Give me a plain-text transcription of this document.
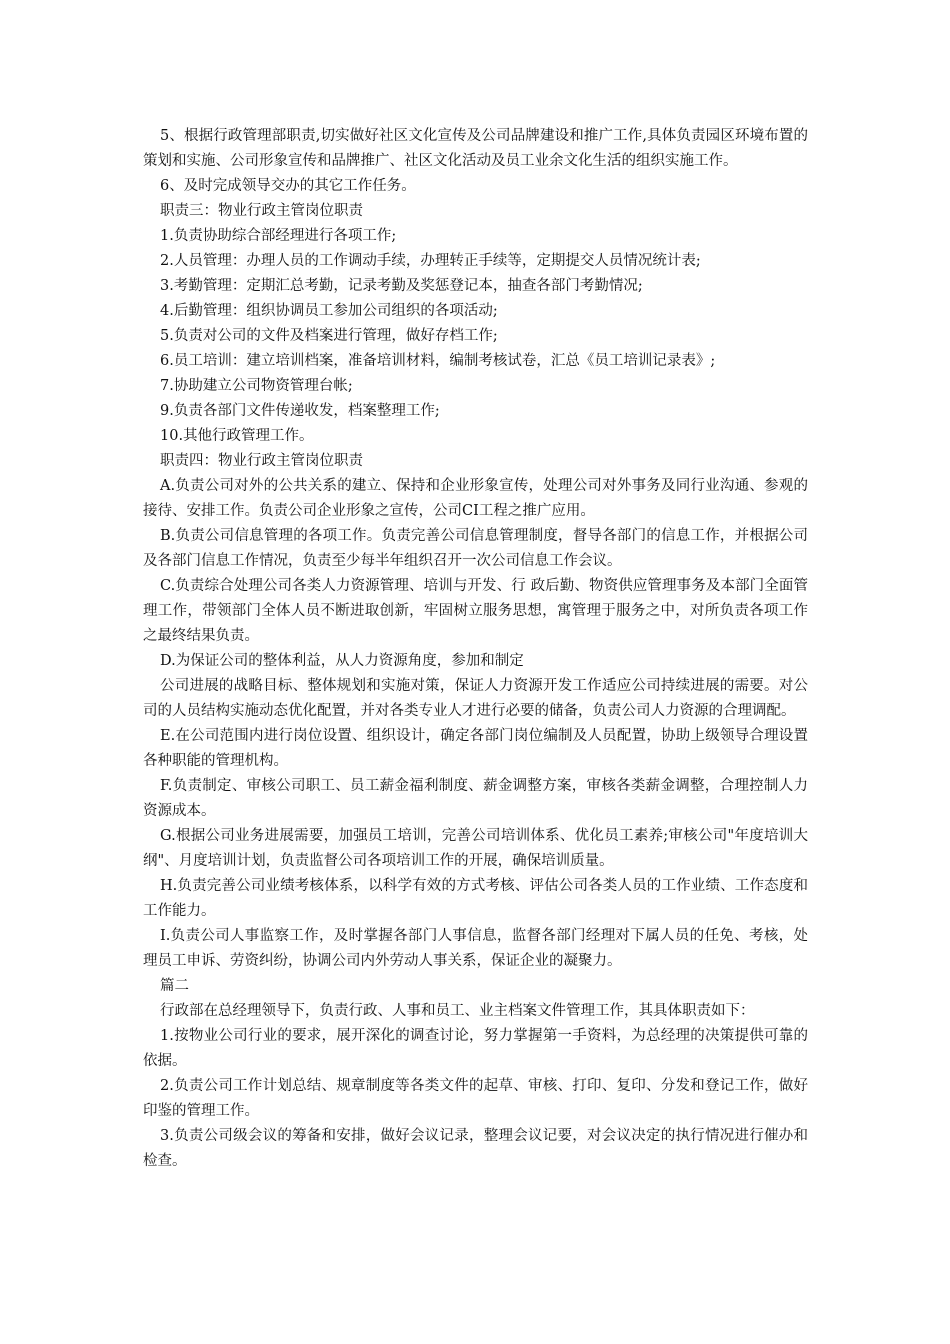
5、根据行政管理部职责,切实做好社区文化宣传及公司品牌建设和推广工作,具体负责园区环境布置的策划和实施、公司形象宣传和品牌推广、社区文化活动及员工业余文化生活的组织实施工作。

6、及时完成领导交办的其它工作任务。

职责三：物业行政主管岗位职责

1.负责协助综合部经理进行各项工作;

2.人员管理：办理人员的工作调动手续，办理转正手续等，定期提交人员情况统计表;

3.考勤管理：定期汇总考勤，记录考勤及奖惩登记本，抽查各部门考勤情况;

4.后勤管理：组织协调员工参加公司组织的各项活动;

5.负责对公司的文件及档案进行管理，做好存档工作;

6.员工培训：建立培训档案，准备培训材料，编制考核试卷，汇总《员工培训记录表》;

7.协助建立公司物资管理台帐;

9.负责各部门文件传递收发，档案整理工作;

10.其他行政管理工作。

职责四：物业行政主管岗位职责

A.负责公司对外的公共关系的建立、保持和企业形象宣传，处理公司对外事务及同行业沟通、参观的接待、安排工作。负责公司企业形象之宣传，公司CI工程之推广应用。

B.负责公司信息管理的各项工作。负责完善公司信息管理制度，督导各部门的信息工作，并根据公司及各部门信息工作情况，负责至少每半年组织召开一次公司信息工作会议。

C.负责综合处理公司各类人力资源管理、培训与开发、行 政后勤、物资供应管理事务及本部门全面管理工作，带领部门全体人员不断进取创新，牢固树立服务思想，寓管理于服务之中，对所负责各项工作之最终结果负责。

D.为保证公司的整体利益，从人力资源角度，参加和制定

公司进展的战略目标、整体规划和实施对策，保证人力资源开发工作适应公司持续进展的需要。对公司的人员结构实施动态优化配置，并对各类专业人才进行必要的储备，负责公司人力资源的合理调配。

E.在公司范围内进行岗位设置、组织设计，确定各部门岗位编制及人员配置，协助上级领导合理设置各种职能的管理机构。

F.负责制定、审核公司职工、员工薪金福利制度、薪金调整方案，审核各类薪金调整，合理控制人力资源成本。

G.根据公司业务进展需要，加强员工培训，完善公司培训体系、优化员工素养;审核公司"年度培训大纲"、月度培训计划，负责监督公司各项培训工作的开展，确保培训质量。

H.负责完善公司业绩考核体系，以科学有效的方式考核、评估公司各类人员的工作业绩、工作态度和工作能力。

I.负责公司人事监察工作，及时掌握各部门人事信息，监督各部门经理对下属人员的任免、考核，处理员工申诉、劳资纠纷，协调公司内外劳动人事关系，保证企业的凝聚力。

篇二

行政部在总经理领导下，负责行政、人事和员工、业主档案文件管理工作，其具体职责如下：

1.按物业公司行业的要求，展开深化的调查讨论，努力掌握第一手资料，为总经理的决策提供可靠的依据。

2.负责公司工作计划总结、规章制度等各类文件的起草、审核、打印、复印、分发和登记工作，做好印鉴的管理工作。

3.负责公司级会议的筹备和安排，做好会议记录，整理会议记要，对会议决定的执行情况进行催办和检查。
